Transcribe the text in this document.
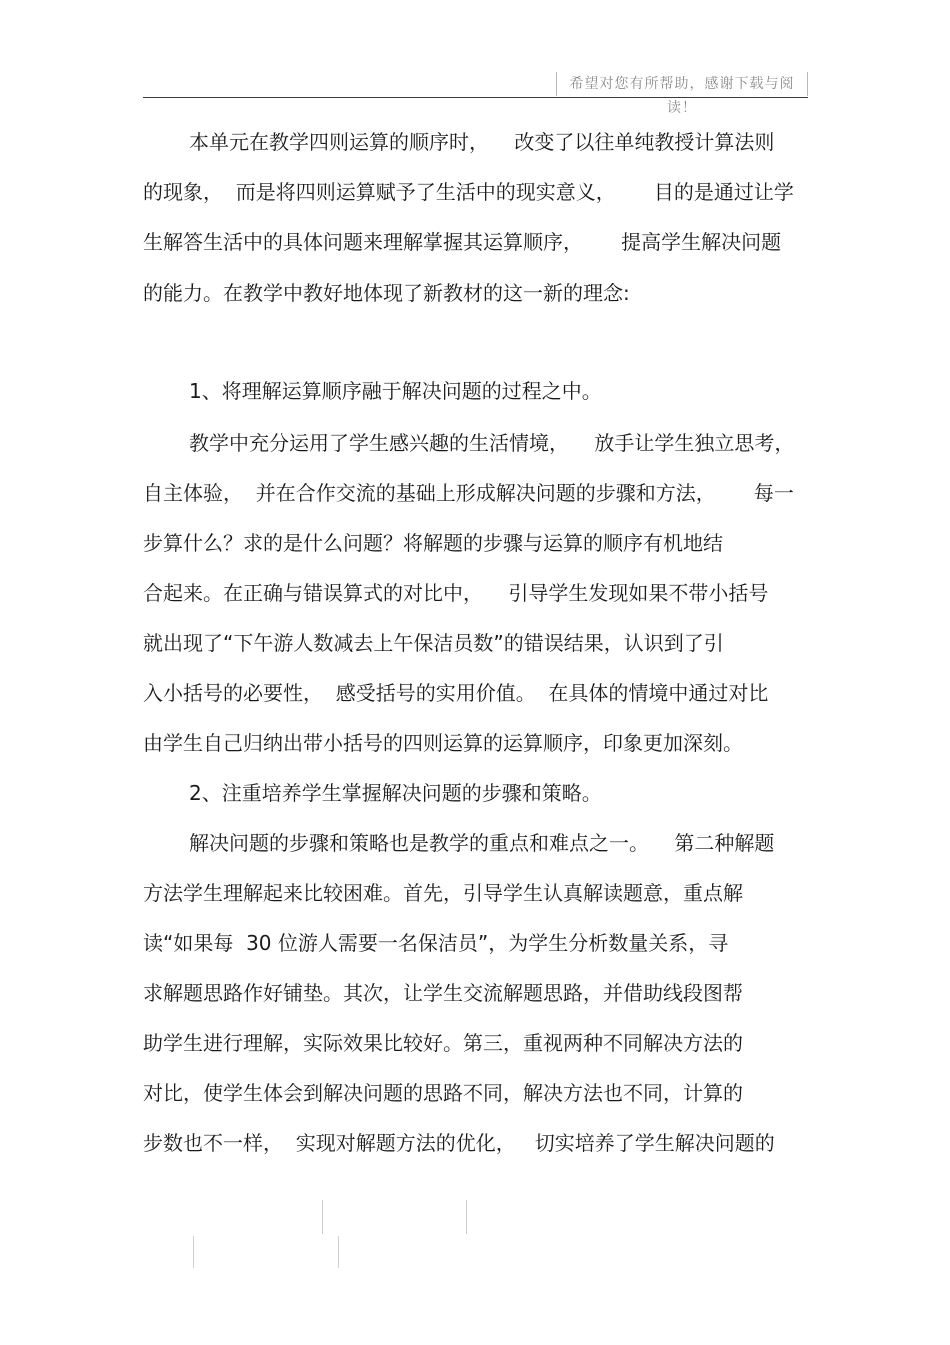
希望对您有所帮助，感谢下载与阅读！
本单元在教学四则运算的顺序时，    改变了以往单纯教授计算法则
的现象，  而是将四则运算赋予了生活中的现实意义，      目的是通过让学
生解答生活中的具体问题来理解掌握其运算顺序，      提高学生解决问题
的能力。在教学中教好地体现了新教材的这一新的理念:
1、将理解运算顺序融于解决问题的过程之中。
教学中充分运用了学生感兴趣的生活情境，    放手让学生独立思考，
自主体验，  并在合作交流的基础上形成解决问题的步骤和方法，      每一
步算什么？求的是什么问题？将解题的步骤与运算的顺序有机地结
合起来。在正确与错误算式的对比中，    引导学生发现如果不带小括号
就出现了“下午游人数减去上午保洁员数”的错误结果，认识到了引
入小括号的必要性，  感受括号的实用价值。  在具体的情境中通过对比
由学生自己归纳出带小括号的四则运算的运算顺序，印象更加深刻。
2、注重培养学生掌握解决问题的步骤和策略。
解决问题的步骤和策略也是教学的重点和难点之一。    第二种解题
方法学生理解起来比较困难。首先，引导学生认真解读题意，重点解
读“如果每  30 位游人需要一名保洁员”，为学生分析数量关系，寻
求解题思路作好铺垫。其次，让学生交流解题思路，并借助线段图帮
助学生进行理解，实际效果比较好。第三，重视两种不同解决方法的
对比，使学生体会到解决问题的思路不同，解决方法也不同，计算的
步数也不一样，  实现对解题方法的优化，   切实培养了学生解决问题的
